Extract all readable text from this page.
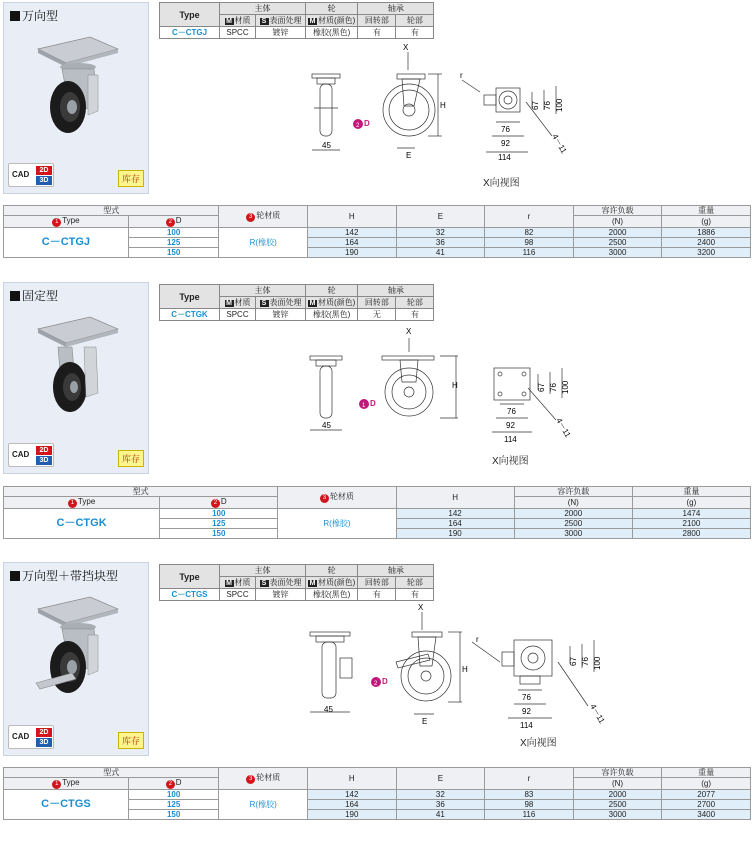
万向型
CAD	2D
3D	库存
Type	主体		轮	轴承	
	M 材质	S 表面处理	M 材质(颜色)	回转部	轮部
C－CTGJ	SPCC	镀锌	橡胶(黑色)	有	有
45
X
H
E
r
2 D
76
92
114
67 76 100
4－11
X向视图
型式		3 轮材质	H	E	r	容许负载	重量
1 Type	2 D					(N)	(g)
C－CTGJ	100	R(橡胶)	142	32	82	2000	1886
	125		164	36	98	2500	2400
	150		190	41	116	3000	3200
固定型
CAD	2D
3D	库存
Type	主体		轮	轴承	
	M 材质	S 表面处理	M 材质(颜色)	回转部	轮部
C－CTGK	SPCC	镀锌	橡胶(黑色)	无	有
45
X
H
1 D
76
92
114
67 76 100
4－11
X向视图
型式		3 轮材质	H	容许负载	重量
1 Type	2 D			(N)	(g)
C－CTGK	100	R(橡胶)	142	2000	1474
	125		164	2500	2100
	150		190	3000	2800
万向型＋带挡块型
CAD	2D
3D	库存
Type	主体		轮	轴承	
	M 材质	S 表面处理	M 材质(颜色)	回转部	轮部
C－CTGS	SPCC	镀锌	橡胶(黑色)	有	有
45
X
H
E
r
2 D
76
92
114
67 76 100
4－11
X向视图
型式		3 轮材质	H	E	r	容许负载	重量
1 Type	2 D					(N)	(g)
C－CTGS	100	R(橡胶)	142	32	83	2000	2077
	125		164	36	98	2500	2700
	150		190	41	116	3000	3400
